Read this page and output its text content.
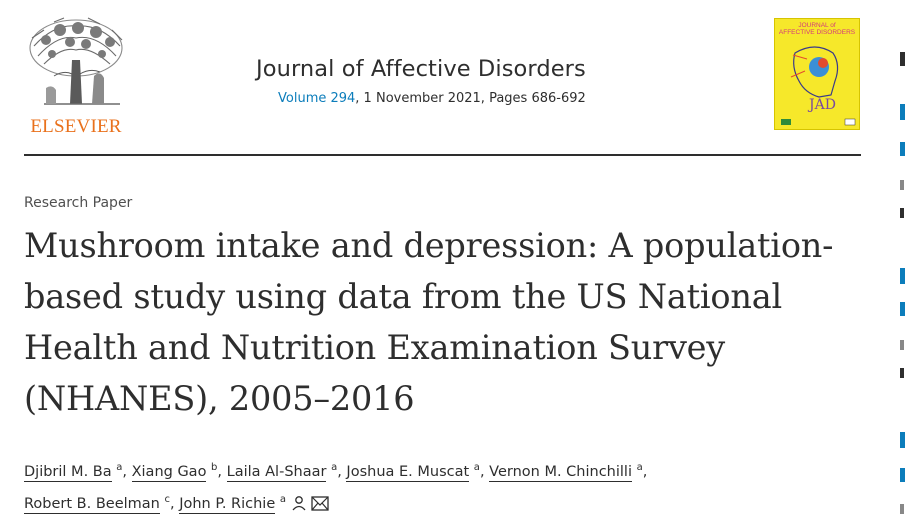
ELSEVIER
Journal of Affective Disorders
Volume 294, 1 November 2021, Pages 686-692
JOURNAL of
AFFECTIVE DISORDERS
JAD
Research Paper
Mushroom intake and depression: A population-based study using data from the US National Health and Nutrition Examination Survey (NHANES), 2005–2016
Djibril M. Ba $^a$, Xiang Gao $^b$, Laila Al-Shaar $^a$, Joshua E. Muscat $^a$, Vernon M. Chinchilli $^a$,
Robert B. Beelman $^c$, John P. Richie $^a$
